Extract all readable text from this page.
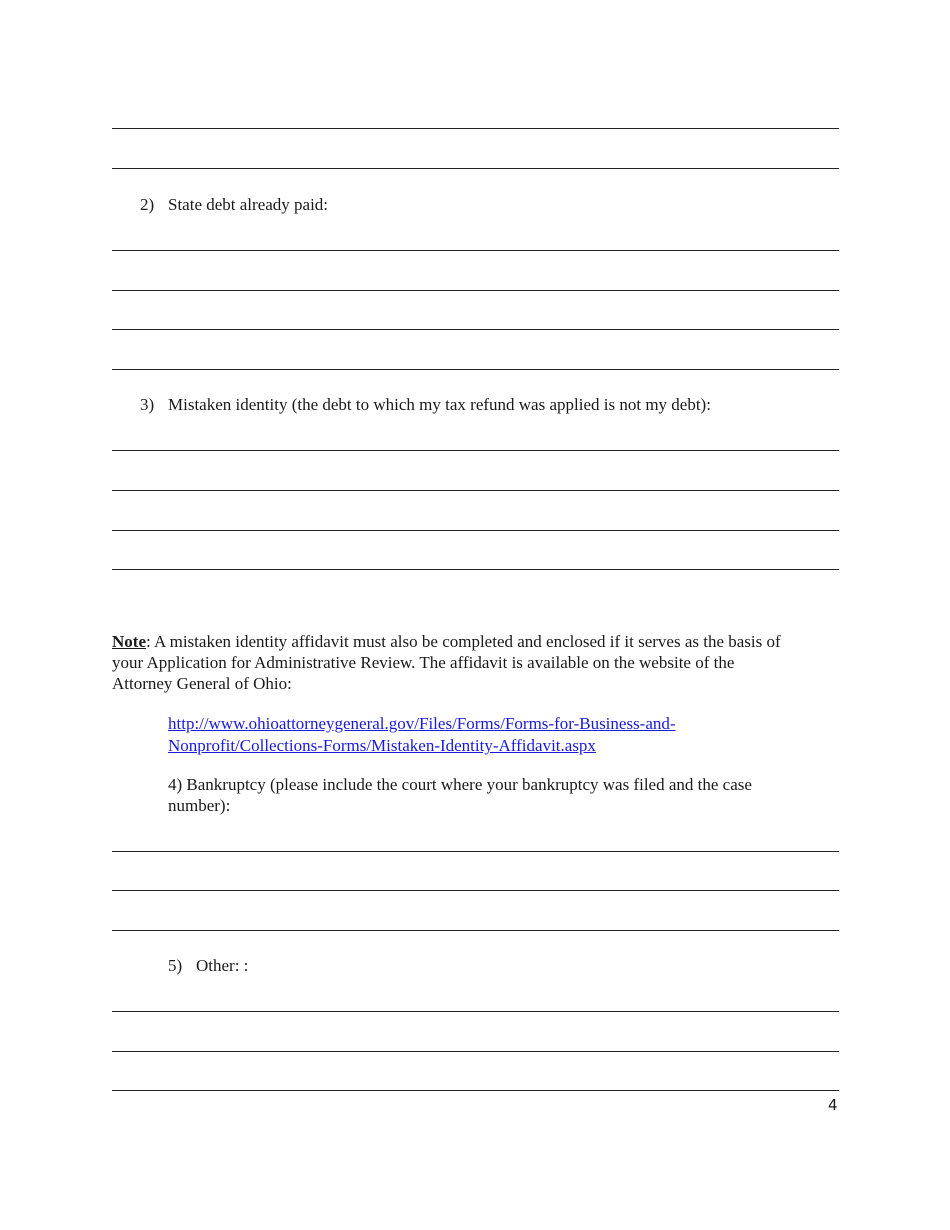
2) State debt already paid:
3) Mistaken identity (the debt to which my tax refund was applied is not my debt):
Note: A mistaken identity affidavit must also be completed and enclosed if it serves as the basis of
your Application for Administrative Review. The affidavit is available on the website of the
Attorney General of Ohio:
http://www.ohioattorneygeneral.gov/Files/Forms/Forms-for-Business-and-
Nonprofit/Collections-Forms/Mistaken-Identity-Affidavit.aspx
4) Bankruptcy (please include the court where your bankruptcy was filed and the case
number):
5) Other: :
4
